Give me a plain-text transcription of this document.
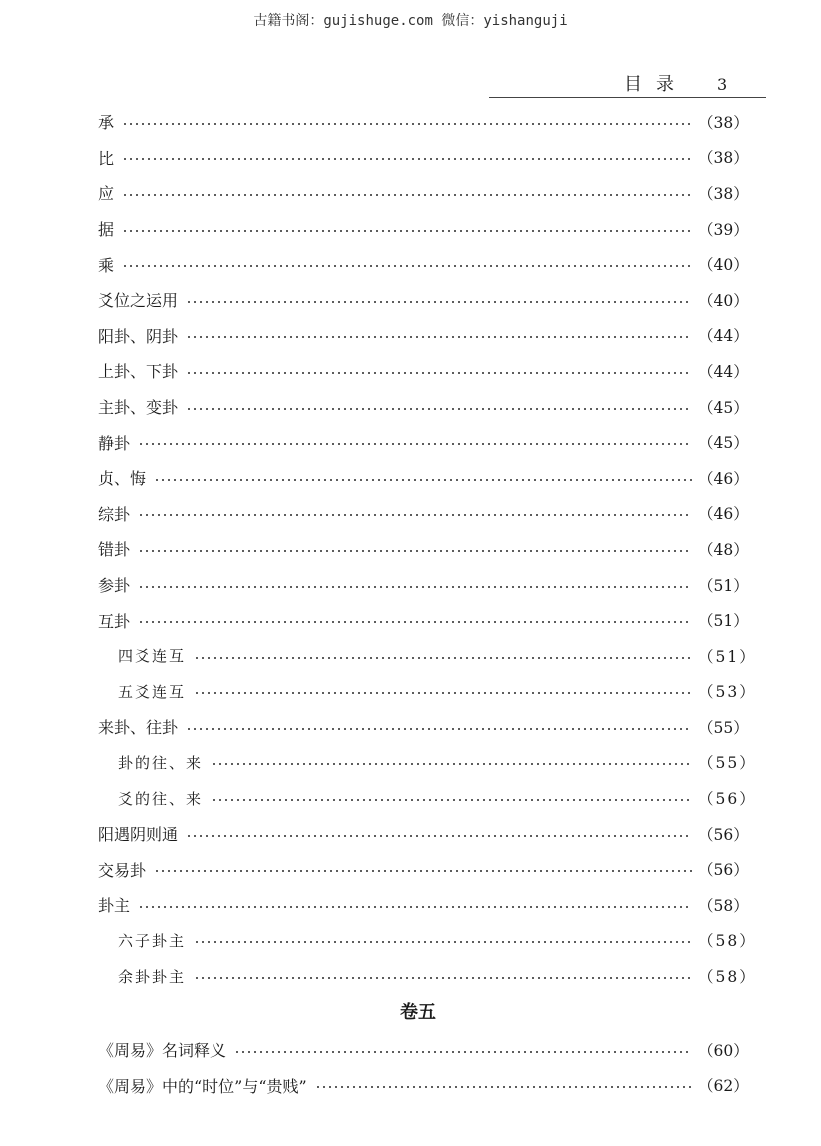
古籍书阁：gujishuge.com 微信：yishanguji
目录 3
承	（38）
比	（38）
应	（38）
据	（39）
乘	（40）
爻位之运用	（40）
阳卦、阴卦	（44）
上卦、下卦	（44）
主卦、变卦	（45）
静卦	（45）
贞、悔	（46）
综卦	（46）
错卦	（48）
参卦	（51）
互卦	（51）
四爻连互	（51）
五爻连互	（53）
来卦、往卦	（55）
卦的往、来	（55）
爻的往、来	（56）
阳遇阴则通	（56）
交易卦	（56）
卦主	（58）
六子卦主	（58）
余卦卦主	（58）
卷五
《周易》名词释义	（60）
《周易》中的“时位”与“贵贱”	（62）
